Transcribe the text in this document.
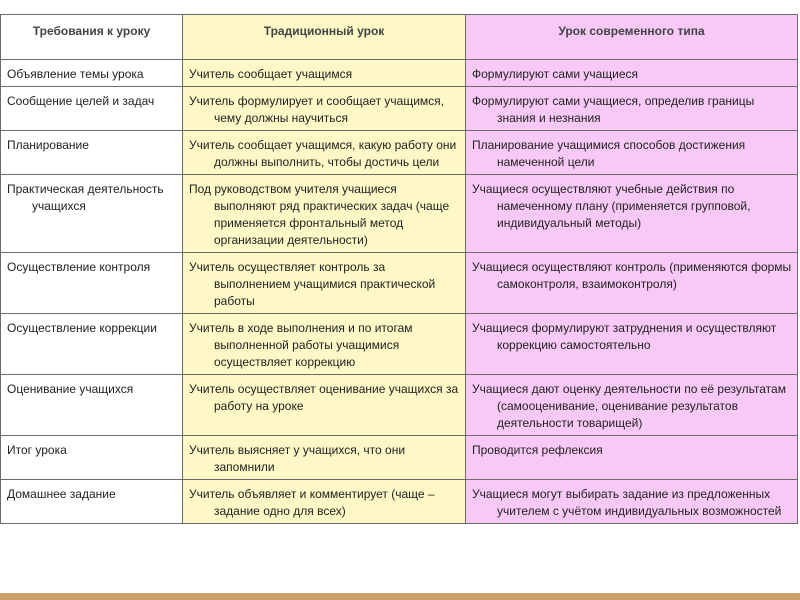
Требования к уроку	Традиционный урок	Урок современного типа

Объявление темы урока	Учитель сообщает учащимся	Формулируют сами учащиеся

Сообщение целей и задач	Учитель формулирует и сообщает учащимся, чему должны научиться	Формулируют сами учащиеся, определив границы знания и незнания

Планирование	Учитель сообщает учащимся, какую работу они должны выполнить, чтобы достичь цели	Планирование учащимися способов достижения намеченной цели

Практическая деятельность учащихся	Под руководством учителя учащиеся выполняют ряд практических задач (чаще применяется фронтальный метод организации деятельности)	Учащиеся осуществляют учебные действия по намеченному плану (применяется групповой, индивидуальный методы)

Осуществление контроля	Учитель осуществляет контроль за выполнением учащимися практической работы	Учащиеся осуществляют контроль (применяются формы самоконтроля, взаимоконтроля)

Осуществление коррекции	Учитель в ходе выполнения и по итогам выполненной работы учащимися осуществляет коррекцию	Учащиеся формулируют затруднения и осуществляют коррекцию самостоятельно

Оценивание учащихся	Учитель осуществляет оценивание учащихся за работу на уроке	Учащиеся дают оценку деятельности по её результатам (самооценивание, оценивание результатов деятельности товарищей)

Итог урока	Учитель выясняет у учащихся, что они запомнили	Проводится рефлексия

Домашнее задание	Учитель объявляет и комментирует (чаще – задание одно для всех)	Учащиеся могут выбирать задание из предложенных учителем с учётом индивидуальных возможностей
